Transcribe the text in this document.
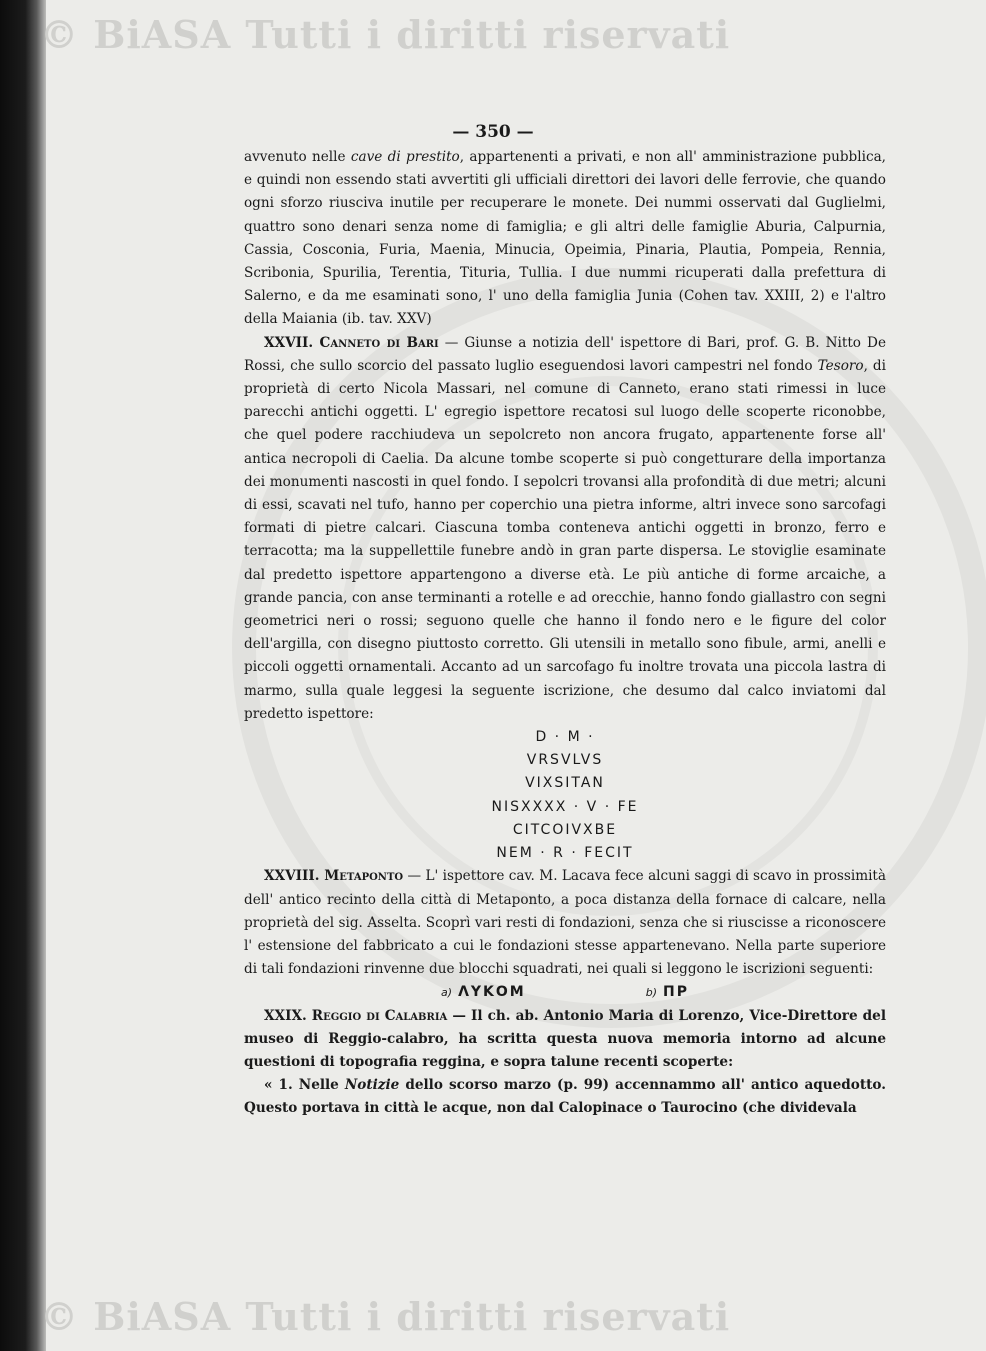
© BiASA Tutti i diritti riservati
— 350 —

avvenuto nelle cave di prestito, appartenenti a privati, e non all' amministrazione pubblica, e quindi non essendo stati avvertiti gli ufficiali direttori dei lavori delle ferrovie, che quando ogni sforzo riusciva inutile per recuperare le monete. Dei nummi osservati dal Guglielmi, quattro sono denari senza nome di famiglia; e gli altri delle famiglie Aburia, Calpurnia, Cassia, Cosconia, Furia, Maenia, Minucia, Opeimia, Pinaria, Plautia, Pompeia, Rennia, Scribonia, Spurilia, Terentia, Tituria, Tullia. I due nummi ricuperati dalla prefettura di Salerno, e da me esaminati sono, l' uno della famiglia Junia (Cohen tav. XXIII, 2) e l'altro della Maiania (ib. tav. XXV)

XXVII. Canneto di Bari — Giunse a notizia dell' ispettore di Bari, prof. G. B. Nitto De Rossi, che sullo scorcio del passato luglio eseguendosi lavori campestri nel fondo Tesoro, di proprietà di certo Nicola Massari, nel comune di Canneto, erano stati rimessi in luce parecchi antichi oggetti. L' egregio ispettore recatosi sul luogo delle scoperte riconobbe, che quel podere racchiudeva un sepolcreto non ancora frugato, appartenente forse all' antica necropoli di Caelia. Da alcune tombe scoperte si può congetturare della importanza dei monumenti nascosti in quel fondo. I sepolcri trovansi alla profondità di due metri; alcuni di essi, scavati nel tufo, hanno per coperchio una pietra informe, altri invece sono sarcofagi formati di pietre calcari. Ciascuna tomba conteneva antichi oggetti in bronzo, ferro e terracotta; ma la suppellettile funebre andò in gran parte dispersa. Le stoviglie esaminate dal predetto ispettore appartengono a diverse età. Le più antiche di forme arcaiche, a grande pancia, con anse terminanti a rotelle e ad orecchie, hanno fondo giallastro con segni geometrici neri o rossi; seguono quelle che hanno il fondo nero e le figure del color dell'argilla, con disegno piuttosto corretto. Gli utensili in metallo sono fibule, armi, anelli e piccoli oggetti ornamentali. Accanto ad un sarcofago fu inoltre trovata una piccola lastra di marmo, sulla quale leggesi la seguente iscrizione, che desumo dal calco inviatomi dal predetto ispettore:

D · M ·
VRSVLVS
VIXSITAN
NISXXXX · V · FE
CITCOIVXBE
NEM · R · FECIT

XXVIII. Metaponto — L' ispettore cav. M. Lacava fece alcuni saggi di scavo in prossimità dell' antico recinto della città di Metaponto, a poca distanza della fornace di calcare, nella proprietà del sig. Asselta. Scoprì vari resti di fondazioni, senza che si riuscisse a riconoscere l' estensione del fabbricato a cui le fondazioni stesse appartenevano. Nella parte superiore di tali fondazioni rinvenne due blocchi squadrati, nei quali si leggono le iscrizioni seguenti:

a) ΛΥΚΟΜ	b) ΠΡ

XXIX. Reggio di Calabria — Il ch. ab. Antonio Maria di Lorenzo, Vice-Direttore del museo di Reggio-calabro, ha scritta questa nuova memoria intorno ad alcune questioni di topografia reggina, e sopra talune recenti scoperte:

« 1. Nelle Notizie dello scorso marzo (p. 99) accennammo all' antico aquedotto. Questo portava in città le acque, non dal Calopinace o Taurocino (che dividevala

© BiASA Tutti i diritti riservati
